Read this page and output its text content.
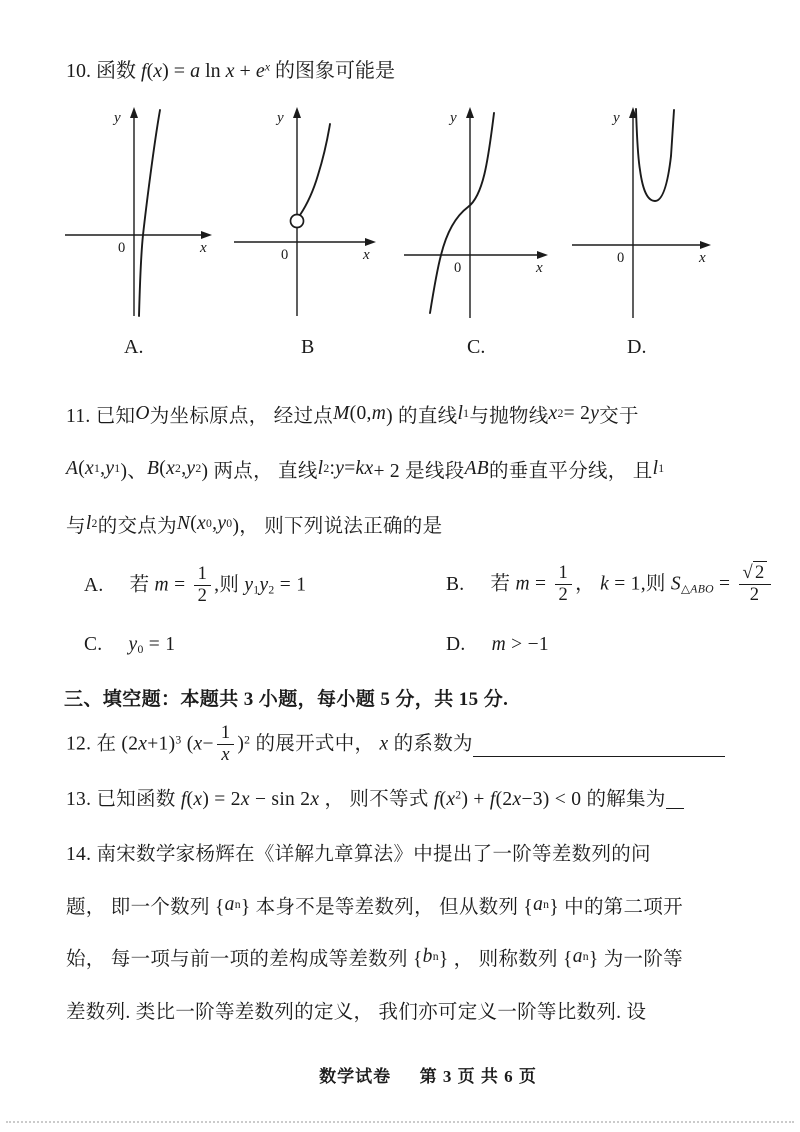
10. 函数 f(x) = a $\ln x + e^x$ 的图象可能是
y
x
0
y
x
0
y
x
0
y
x
0
A.	B	C.	D.
11. 已知 O 为坐标原点， 经过点 M (0, m ) 的直线 l 1 与抛物线 x 2 = 2 y 交于
A ( x 1 , y 1 )、 B ( x 2 , y 2 ) 两点， 直线 l 2 : y = kx + 2 是线段 AB 的垂直平分线， 且 l 1
与 l 2 的交点为 N ( x 0 , y 0 )， 则下列说法正确的是
A. 若 $m = \frac{1}{2}$ ,则 $y_1y_2 = 1$	B. 若 $m = \frac{1}{2}$ ， k = 1,则 $S_{\triangle ABO} = \frac{√ 2}{2}$
C. $y_0 = 1$	D. m > −1
三、填空题：本题共 3 小题，每小题 5 分，共 15 分.
12. 在 $(2x+1)^3$ $(x- \frac{1}{x} )^2$ 的展开式中， x 的系数为
13. 已知函数 f(x) = 2x − sin 2x ， 则不等式 $f(x^2) + f(2x-3) < 0$ 的解集为
14. 南宋数学家杨辉在《详解九章算法》中提出了一阶等差数列的问
题， 即一个数列 { a n } 本身不是等差数列， 但从数列 { a n } 中的第二项开
始， 每一项与前一项的差构成等差数列 { b n } ， 则称数列 { a n } 为一阶等
差数列. 类比一阶等差数列的定义， 我们亦可定义一阶等比数列. 设
数学试卷 第 3 页 共 6 页
